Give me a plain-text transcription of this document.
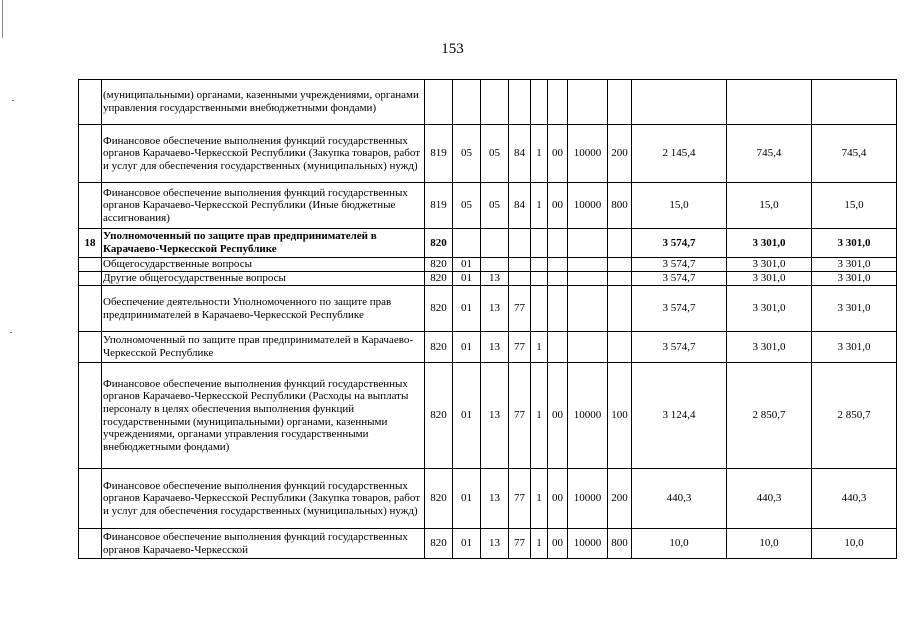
153
	(муниципальными) органами, казенными учреждениями, органами управления государственными внебюджетными фондами)											
	Финансовое обеспечение выполнения функций государственных органов Карачаево-Черкесской Республики (Закупка товаров, работ и услуг для обеспечения государственных (муниципальных) нужд)	819	05	05	84	1	00	10000	200	2 145,4	745,4	745,4
	Финансовое обеспечение выполнения функций государственных органов Карачаево-Черкесской Республики (Иные бюджетные ассигнования)	819	05	05	84	1	00	10000	800	15,0	15,0	15,0
18	Уполномоченный по защите прав предпринимателей в Карачаево-Черкесской Республике	820								3 574,7	3 301,0	3 301,0
	Общегосударственные вопросы	820	01							3 574,7	3 301,0	3 301,0
	Другие общегосударственные вопросы	820	01	13						3 574,7	3 301,0	3 301,0
	Обеспечение деятельности Уполномоченного по защите прав предпринимателей в Карачаево-Черкесской Республике	820	01	13	77					3 574,7	3 301,0	3 301,0
	Уполномоченный по защите прав предпринимателей в Карачаево-Черкесской Республике	820	01	13	77	1				3 574,7	3 301,0	3 301,0
	Финансовое обеспечение выполнения функций государственных органов Карачаево-Черкесской Республики (Расходы на выплаты персоналу в целях обеспечения выполнения функций государственными (муниципальными) органами, казенными учреждениями, органами управления государственными внебюджетными фондами)	820	01	13	77	1	00	10000	100	3 124,4	2 850,7	2 850,7
	Финансовое обеспечение выполнения функций государственных органов Карачаево-Черкесской Республики (Закупка товаров, работ и услуг для обеспечения государственных (муниципальных) нужд)	820	01	13	77	1	00	10000	200	440,3	440,3	440,3
	Финансовое обеспечение выполнения функций государственных органов Карачаево-Черкесской	820	01	13	77	1	00	10000	800	10,0	10,0	10,0
